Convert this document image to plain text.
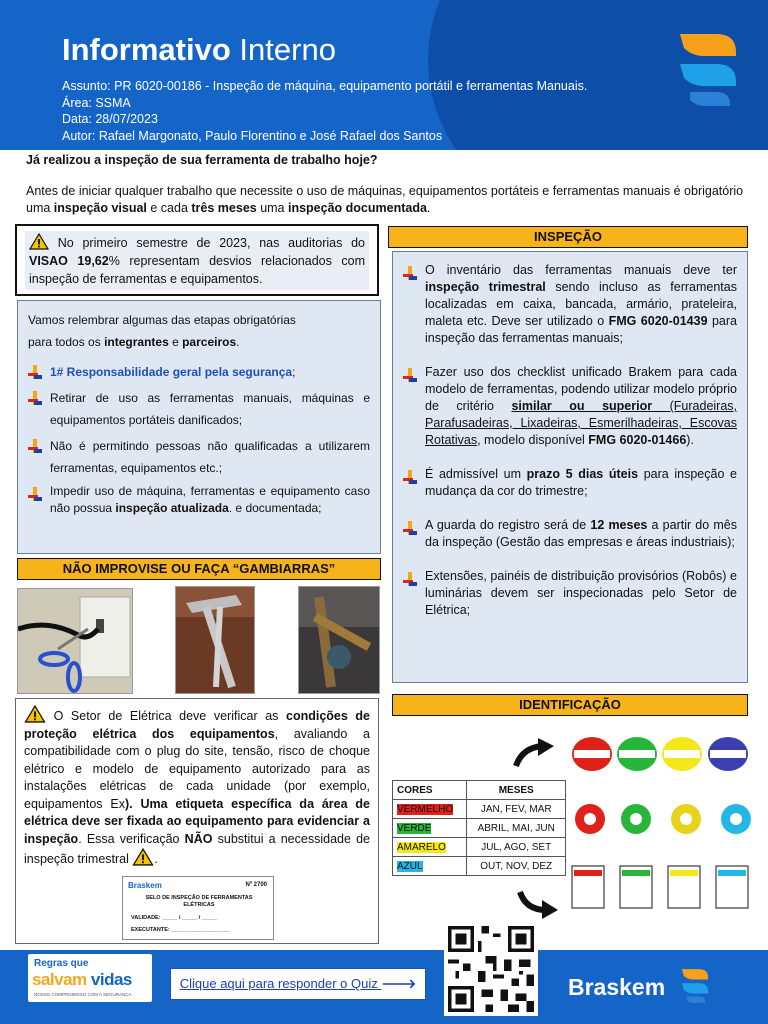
Informativo Interno
Assunto: PR 6020-00186 - Inspeção de máquina, equipamento portátil e ferramentas Manuais.
Área: SSMA
Data: 28/07/2023
Autor: Rafael Margonato, Paulo Florentino e José Rafael dos Santos
Já realizou a inspeção de sua ferramenta de trabalho hoje?
Antes de iniciar qualquer trabalho que necessite o uso de máquinas, equipamentos portáteis e ferramentas manuais é obrigatório uma inspeção visual e cada três meses uma inspeção documentada.
No primeiro semestre de 2023, nas auditorias do VISAO 19,62% representam desvios relacionados com inspeção de ferramentas e equipamentos.
Vamos relembrar algumas das etapas obrigatórias
para todos os integrantes e parceiros.
1# Responsabilidade geral pela segurança;
Retirar de uso as ferramentas manuais, máquinas e equipamentos portáteis danificados;
Não é permitindo pessoas não qualificadas a utilizarem ferramentas, equipamentos etc.;
Impedir uso de máquina, ferramentas e equipamento caso não possua inspeção atualizada. e documentada;
INSPEÇÃO
NÃO IMPROVISE OU FAÇA “GAMBIARRAS”
IDENTIFICAÇÃO
O inventário das ferramentas manuais deve ter inspeção trimestral sendo incluso as ferramentas localizadas em caixa, bancada, armário, prateleira, maleta etc. Deve ser utilizado o FMG 6020-01439 para inspeção das ferramentas manuais;
Fazer uso dos checklist unificado Brakem para cada modelo de ferramentas, podendo utilizar modelo próprio de critério similar ou superior (Furadeiras, Parafusadeiras, Lixadeiras, Esmerilhadeiras, Escovas Rotativas, modelo disponível FMG 6020-01466).
É admissível um prazo 5 dias úteis para inspeção e mudança da cor do trimestre;
A guarda do registro será de 12 meses a partir do mês da inspeção (Gestão das empresas e áreas industriais);
Extensões, painéis de distribuição provisórios (Robôs) e luminárias devem ser inspecionadas pelo Setor de Elétrica;
O Setor de Elétrica deve verificar as condições de proteção elétrica dos equipamentos, avaliando a compatibilidade com o plug do site, tensão, risco de choque elétrico e modelo de equipamento autorizado para as instalações elétricas de cada unidade (por exemplo, equipamentos Ex). Uma etiqueta específica da área de elétrica deve ser fixada ao equipamento para evidenciar a inspeção. Essa verificação NÃO substitui a necessidade de inspeção trimestral .
Braskem	Nº 2700
SELO DE INSPEÇÃO DE FERRAMENTAS ELÉTRICAS
VALIDADE: _____ / _____ / _____
EXECUTANTE: ___________________
CORES	MESES
VERMELHO	JAN, FEV, MAR
VERDE	ABRIL, MAI, JUN
AMARELO	JUL, AGO, SET
AZUL	OUT, NOV, DEZ
Regras que
salvam vidas
NOSSO COMPROMISSO COM A SEGURANÇA
Clique aqui para responder o Quiz 🡒	Braskem
